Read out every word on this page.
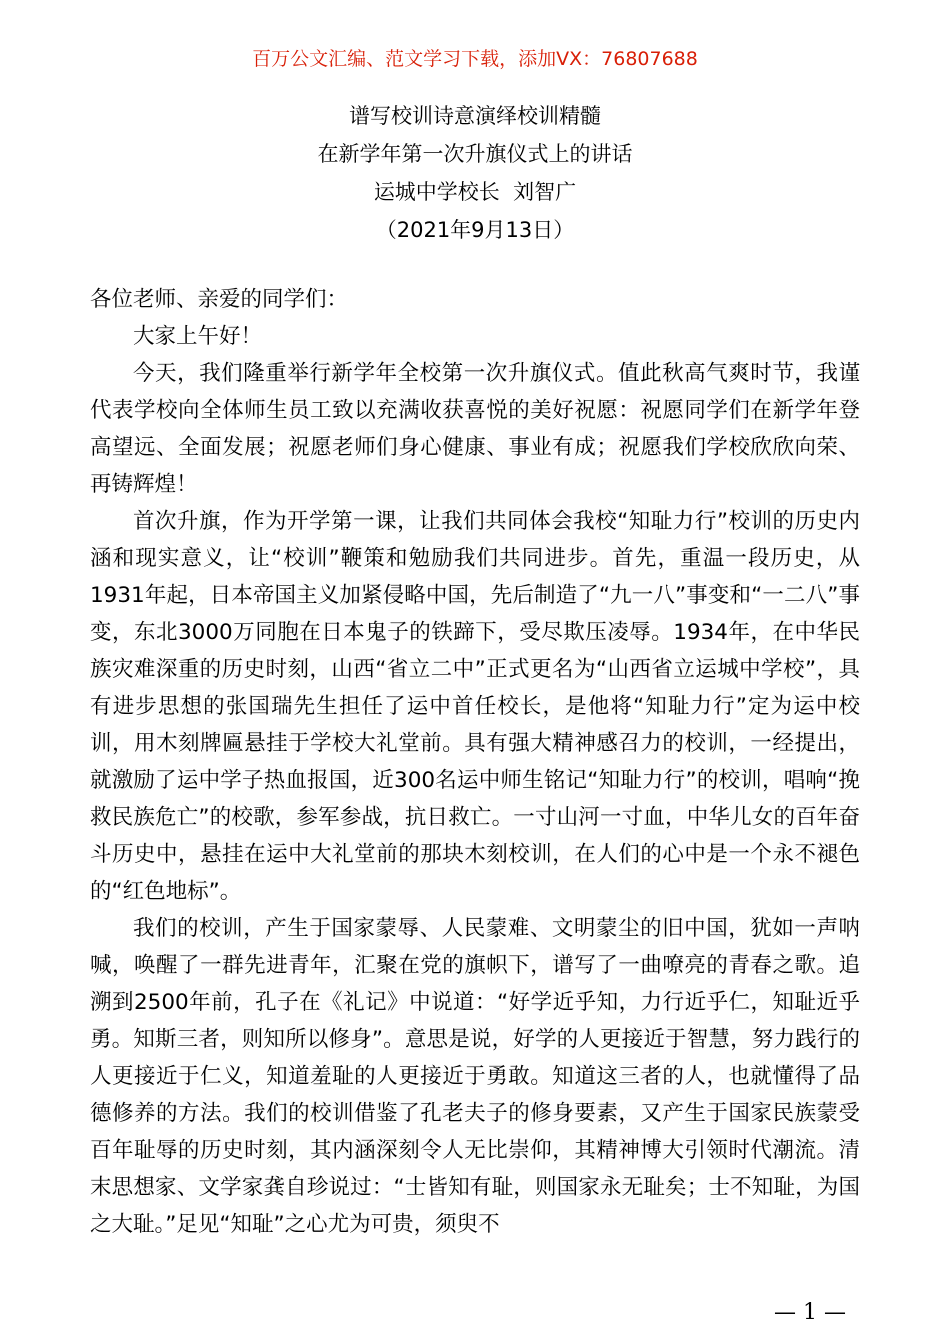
百万公文汇编、范文学习下载，添加VX：76807688
谱写校训诗意演绎校训精髓
在新学年第一次升旗仪式上的讲话
运城中学校长  刘智广
（2021年9月13日）

各位老师、亲爱的同学们：

大家上午好！

今天，我们隆重举行新学年全校第一次升旗仪式。值此秋高气爽时节，我谨代表学校向全体师生员工致以充满收获喜悦的美好祝愿：祝愿同学们在新学年登高望远、全面发展；祝愿老师们身心健康、事业有成；祝愿我们学校欣欣向荣、再铸辉煌！

首次升旗，作为开学第一课，让我们共同体会我校“知耻力行”校训的历史内涵和现实意义，让“校训”鞭策和勉励我们共同进步。首先，重温一段历史，从1931年起，日本帝国主义加紧侵略中国，先后制造了“九一八”事变和“一二八”事变，东北3000万同胞在日本鬼子的铁蹄下，受尽欺压凌辱。1934年，在中华民族灾难深重的历史时刻，山西“省立二中”正式更名为“山西省立运城中学校”，具有进步思想的张国瑞先生担任了运中首任校长，是他将“知耻力行”定为运中校训，用木刻牌匾悬挂于学校大礼堂前。具有强大精神感召力的校训，一经提出，就激励了运中学子热血报国，近300名运中师生铭记“知耻力行”的校训，唱响“挽救民族危亡”的校歌，参军参战，抗日救亡。一寸山河一寸血，中华儿女的百年奋斗历史中，悬挂在运中大礼堂前的那块木刻校训，在人们的心中是一个永不褪色的“红色地标”。

我们的校训，产生于国家蒙辱、人民蒙难、文明蒙尘的旧中国，犹如一声呐喊，唤醒了一群先进青年，汇聚在党的旗帜下，谱写了一曲嘹亮的青春之歌。追溯到2500年前，孔子在《礼记》中说道：“好学近乎知，力行近乎仁，知耻近乎勇。知斯三者，则知所以修身”。意思是说，好学的人更接近于智慧，努力践行的人更接近于仁义，知道羞耻的人更接近于勇敢。知道这三者的人，也就懂得了品德修养的方法。我们的校训借鉴了孔老夫子的修身要素，又产生于国家民族蒙受百年耻辱的历史时刻，其内涵深刻令人无比崇仰，其精神博大引领时代潮流。清末思想家、文学家龚自珍说过：“士皆知有耻，则国家永无耻矣；士不知耻，为国之大耻。”足见“知耻”之心尤为可贵，须臾不

— 1 —
